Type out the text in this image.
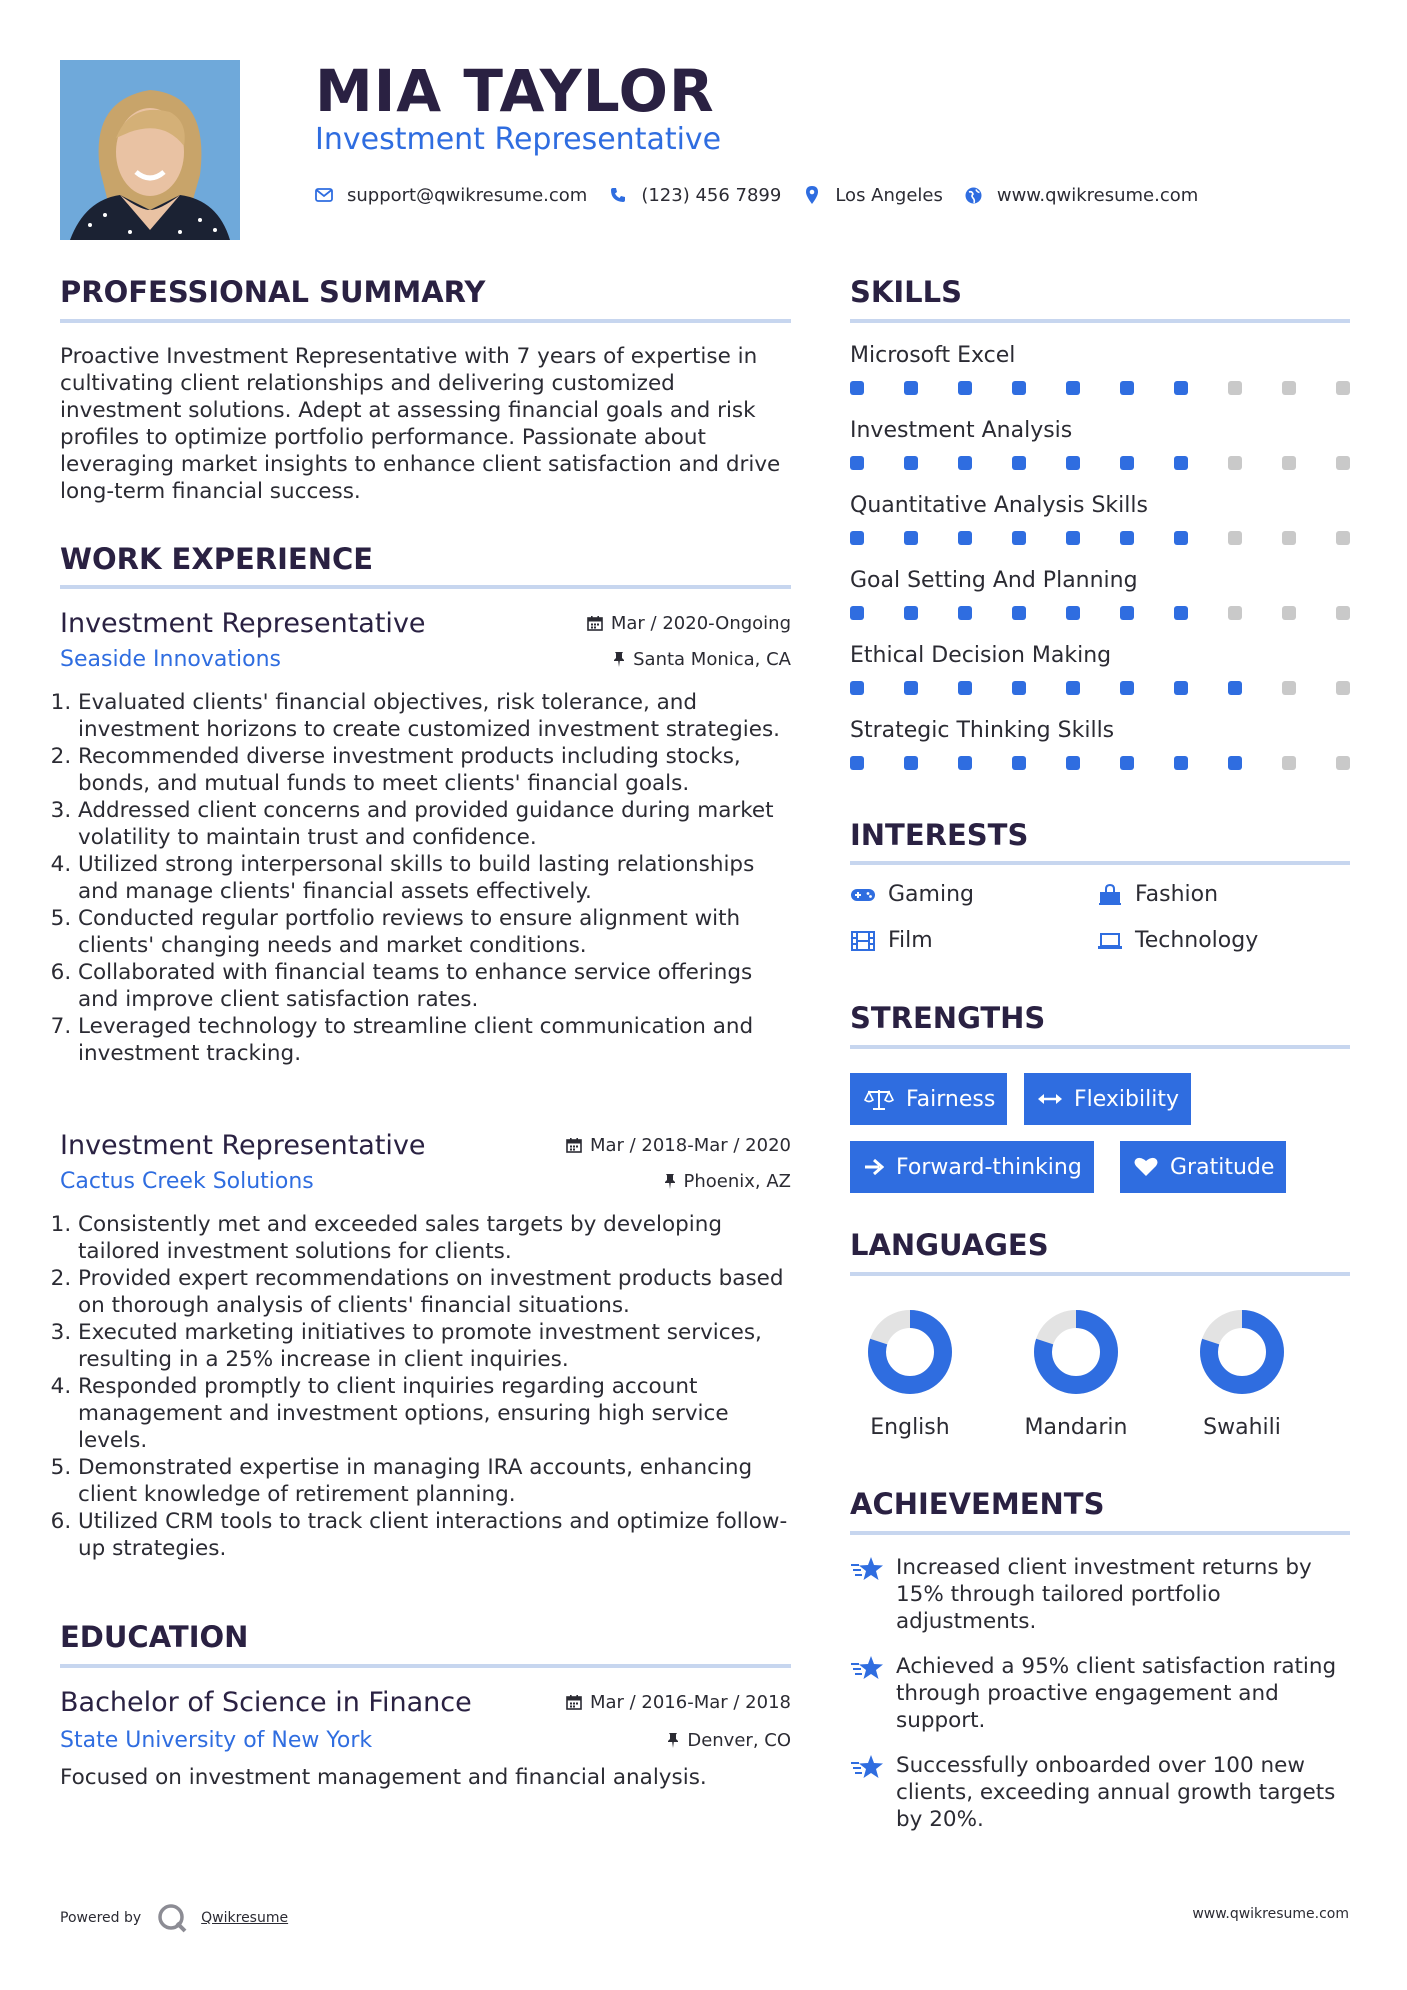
MIA TAYLOR
Investment Representative
support@qwikresume.com	(123) 456 7899	Los Angeles	www.qwikresume.com
PROFESSIONAL SUMMARY
Proactive Investment Representative with 7 years of expertise in cultivating client relationships and delivering customized investment solutions. Adept at assessing financial goals and risk profiles to optimize portfolio performance. Passionate about leveraging market insights to enhance client satisfaction and drive long-term financial success.
WORK EXPERIENCE
Investment Representative	Mar / 2020-Ongoing
Seaside Innovations	Santa Monica, CA
1. Evaluated clients' financial objectives, risk tolerance, and investment horizons to create customized investment strategies.
2. Recommended diverse investment products including stocks, bonds, and mutual funds to meet clients' financial goals.
3. Addressed client concerns and provided guidance during market volatility to maintain trust and confidence.
4. Utilized strong interpersonal skills to build lasting relationships and manage clients' financial assets effectively.
5. Conducted regular portfolio reviews to ensure alignment with clients' changing needs and market conditions.
6. Collaborated with financial teams to enhance service offerings and improve client satisfaction rates.
7. Leveraged technology to streamline client communication and investment tracking.
Investment Representative	Mar / 2018-Mar / 2020
Cactus Creek Solutions	Phoenix, AZ
1. Consistently met and exceeded sales targets by developing tailored investment solutions for clients.
2. Provided expert recommendations on investment products based on thorough analysis of clients' financial situations.
3. Executed marketing initiatives to promote investment services, resulting in a 25% increase in client inquiries.
4. Responded promptly to client inquiries regarding account management and investment options, ensuring high service levels.
5. Demonstrated expertise in managing IRA accounts, enhancing client knowledge of retirement planning.
6. Utilized CRM tools to track client interactions and optimize follow-up strategies.
EDUCATION
Bachelor of Science in Finance	Mar / 2016-Mar / 2018
State University of New York	Denver, CO
Focused on investment management and financial analysis.
SKILLS
Microsoft Excel
Investment Analysis
Quantitative Analysis Skills
Goal Setting And Planning
Ethical Decision Making
Strategic Thinking Skills
INTERESTS
Gaming	Fashion
Film	Technology
STRENGTHS
Fairness	Flexibility
Forward-thinking	Gratitude
LANGUAGES
English	Mandarin	Swahili
ACHIEVEMENTS
Increased client investment returns by 15% through tailored portfolio adjustments.
Achieved a 95% client satisfaction rating through proactive engagement and support.
Successfully onboarded over 100 new clients, exceeding annual growth targets by 20%.
Powered by	Qwikresume	www.qwikresume.com
